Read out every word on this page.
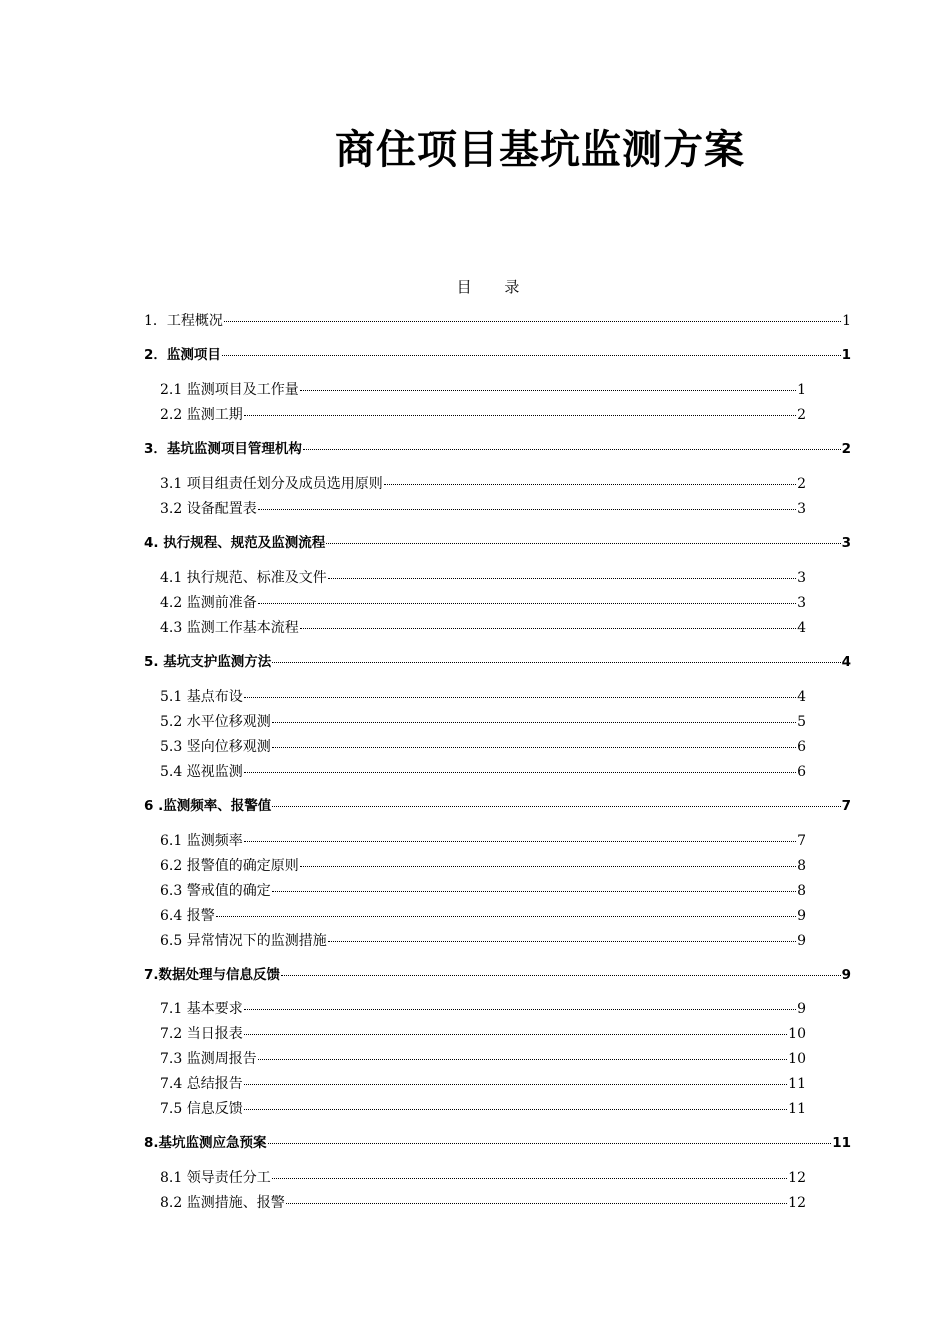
商住项目基坑监测方案
目 录
1．工程概况	1
2．监测项目	1
2.1 监测项目及工作量	1
2.2 监测工期	2
3．基坑监测项目管理机构	2
3.1 项目组责任划分及成员选用原则	2
3.2 设备配置表	3
4. 执行规程、规范及监测流程	3
4.1 执行规范、标准及文件	3
4.2 监测前准备	3
4.3 监测工作基本流程	4
5. 基坑支护监测方法	4
5.1 基点布设	4
5.2 水平位移观测	5
5.3 竖向位移观测	6
5.4 巡视监测	6
6 .监测频率、报警值	7
6.1 监测频率	7
6.2 报警值的确定原则	8
6.3 警戒值的确定	8
6.4 报警	9
6.5 异常情况下的监测措施	9
7.数据处理与信息反馈	9
7.1 基本要求	9
7.2 当日报表	10
7.3 监测周报告	10
7.4 总结报告	11
7.5 信息反馈	11
8.基坑监测应急预案	11
8.1 领导责任分工	12
8.2 监测措施、报警	12
